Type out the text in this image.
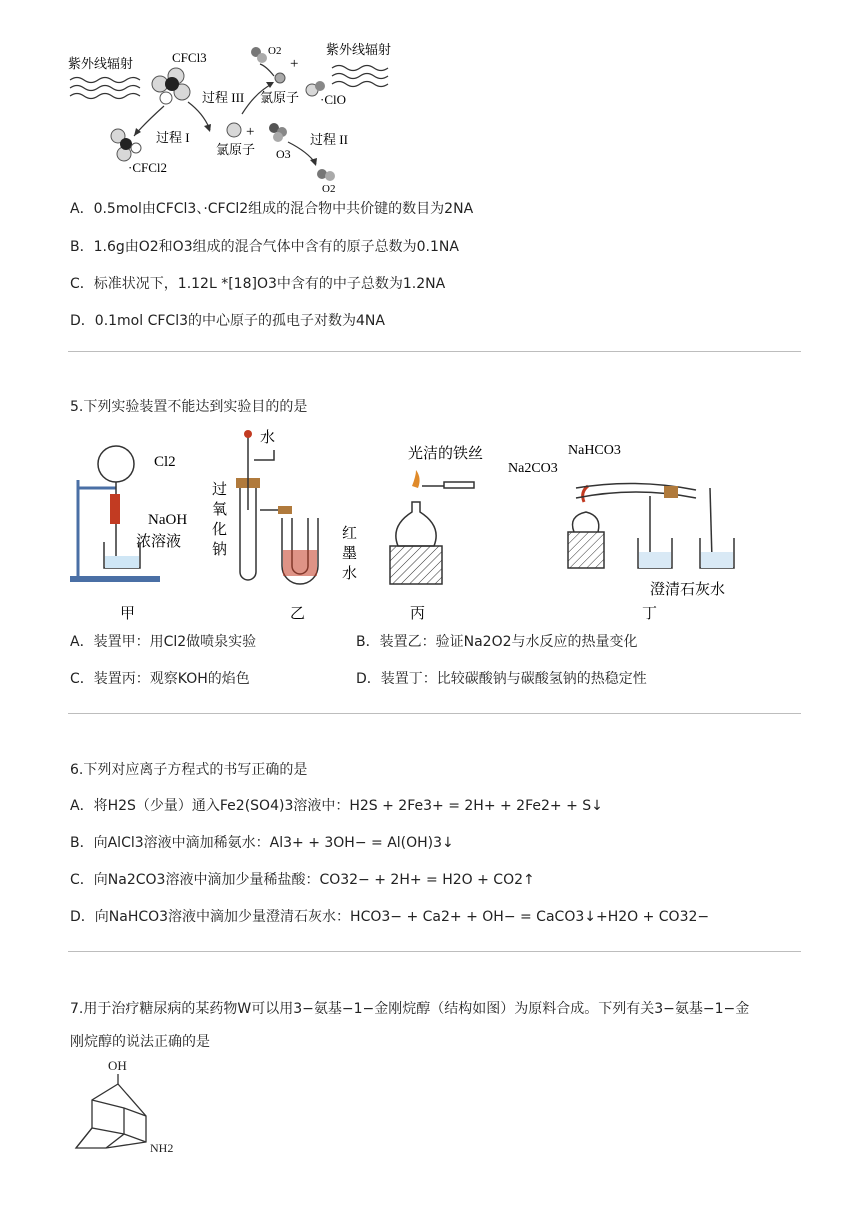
紫外线辐射	CFCl3
·CFCl2
过程 I	+
氯原子 O3
过程 II
O2
O2
+
·ClO
过程 III 氯原子
紫外线辐射
A．0.5mol由CFCl3、·CFCl2组成的混合物中共价键的数目为2NA
B．1.6g由O2和O3组成的混合气体中含有的原子总数为0.1NA
C．标准状况下，1.12L *[18]O3中含有的中子总数为1.2NA
D．0.1mol CFCl3的中心原子的孤电子对数为4NA
5.下列实验装置不能达到实验目的的是
Cl2
NaOH
浓溶液
甲
水
过
氧
化
钠
红
墨
水
乙
光洁的铁丝
丙
Na2CO3
NaHCO3
澄清石灰水
丁
A．装置甲：用Cl2做喷泉实验	B．装置乙：验证Na2O2与水反应的热量变化
C．装置丙：观察KOH的焰色	D．装置丁：比较碳酸钠与碳酸氢钠的热稳定性
6.下列对应离子方程式的书写正确的是
A．将H2S（少量）通入Fe2(SO4)3溶液中：H2S + 2Fe3+ = 2H+ + 2Fe2+ + S↓
B．向AlCl3溶液中滴加稀氨水：Al3+ + 3OH− = Al(OH)3↓
C．向Na2CO3溶液中滴加少量稀盐酸：CO32− + 2H+ = H2O + CO2↑
D．向NaHCO3溶液中滴加少量澄清石灰水：HCO3− + Ca2+ + OH− = CaCO3↓+H2O + CO32−
7.用于治疗糖尿病的某药物W可以用3−氨基−1−金刚烷醇（结构如图）为原料合成。下列有关3−氨基−1−金
刚烷醇的说法正确的是
OH
NH2
